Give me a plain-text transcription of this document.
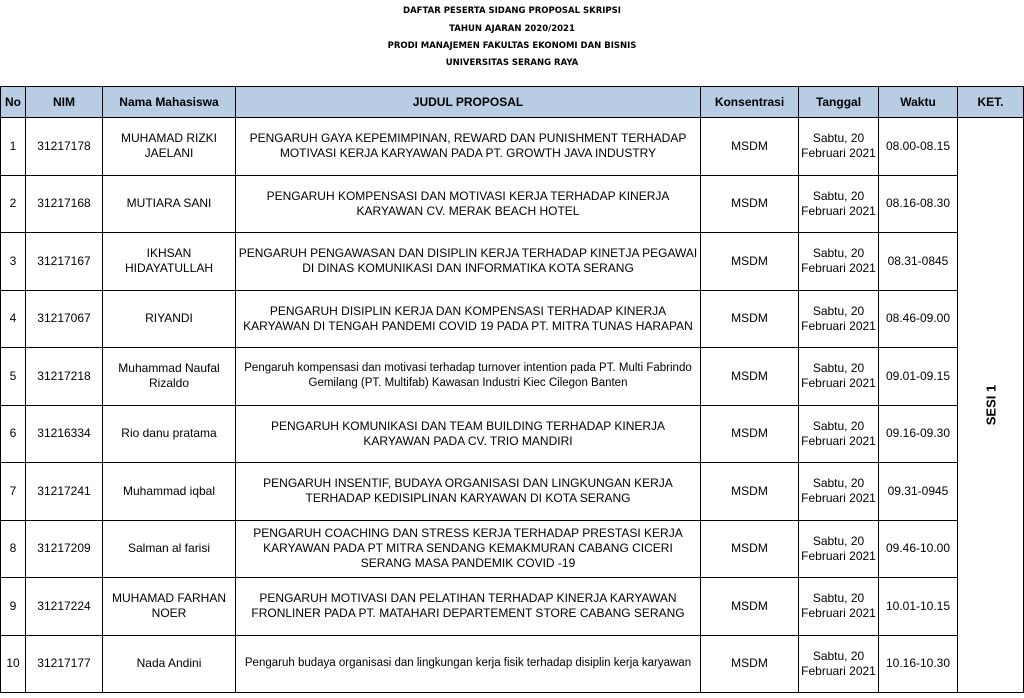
DAFTAR PESERTA SIDANG PROPOSAL SKRIPSI
TAHUN AJARAN 2020/2021
PRODI MANAJEMEN FAKULTAS EKONOMI DAN BISNIS
UNIVERSITAS SERANG RAYA
No	NIM	Nama Mahasiswa	JUDUL PROPOSAL	Konsentrasi	Tanggal	Waktu	KET.
1	31217178	MUHAMAD RIZKI JAELANI	PENGARUH GAYA KEPEMIMPINAN, REWARD DAN PUNISHMENT TERHADAP MOTIVASI KERJA KARYAWAN PADA PT. GROWTH JAVA INDUSTRY	MSDM	Sabtu, 20 Februari 2021	08.00-08.15	SESI 1

2	31217168	MUTIARA SANI	PENGARUH KOMPENSASI DAN MOTIVASI KERJA TERHADAP KINERJA KARYAWAN CV. MERAK BEACH HOTEL	MSDM	Sabtu, 20 Februari 2021	08.16-08.30	
3	31217167	IKHSAN HIDAYATULLAH	PENGARUH PENGAWASAN DAN DISIPLIN KERJA TERHADAP KINETJA PEGAWAI DI DINAS KOMUNIKASI DAN INFORMATIKA KOTA SERANG	MSDM	Sabtu, 20 Februari 2021	08.31-0845	
4	31217067	RIYANDI	PENGARUH DISIPLIN KERJA DAN KOMPENSASI TERHADAP KINERJA KARYAWAN DI TENGAH PANDEMI COVID 19 PADA PT. MITRA TUNAS HARAPAN	MSDM	Sabtu, 20 Februari 2021	08.46-09.00	
5	31217218	Muhammad Naufal Rizaldo	Pengaruh kompensasi dan motivasi terhadap turnover intention pada PT. Multi Fabrindo Gemilang (PT. Multifab) Kawasan Industri Kiec Cilegon Banten	MSDM	Sabtu, 20 Februari 2021	09.01-09.15	
6	31216334	Rio danu pratama	PENGARUH KOMUNIKASI DAN TEAM BUILDING TERHADAP KINERJA KARYAWAN PADA CV. TRIO MANDIRI	MSDM	Sabtu, 20 Februari 2021	09.16-09.30	
7	31217241	Muhammad iqbal	PENGARUH INSENTIF, BUDAYA ORGANISASI DAN LINGKUNGAN KERJA TERHADAP KEDISIPLINAN KARYAWAN DI KOTA SERANG	MSDM	Sabtu, 20 Februari 2021	09.31-0945	
8	31217209	Salman al farisi	PENGARUH COACHING DAN STRESS KERJA TERHADAP PRESTASI KERJA KARYAWAN PADA PT MITRA SENDANG KEMAKMURAN CABANG CICERI SERANG MASA PANDEMIK COVID -19	MSDM	Sabtu, 20 Februari 2021	09.46-10.00	
9	31217224	MUHAMAD FARHAN NOER	PENGARUH MOTIVASI DAN PELATIHAN TERHADAP KINERJA KARYAWAN FRONLINER PADA PT. MATAHARI DEPARTEMENT STORE CABANG SERANG	MSDM	Sabtu, 20 Februari 2021	10.01-10.15	
10	31217177	Nada Andini	Pengaruh budaya organisasi dan lingkungan kerja fisik terhadap disiplin kerja karyawan	MSDM	Sabtu, 20 Februari 2021	10.16-10.30	
